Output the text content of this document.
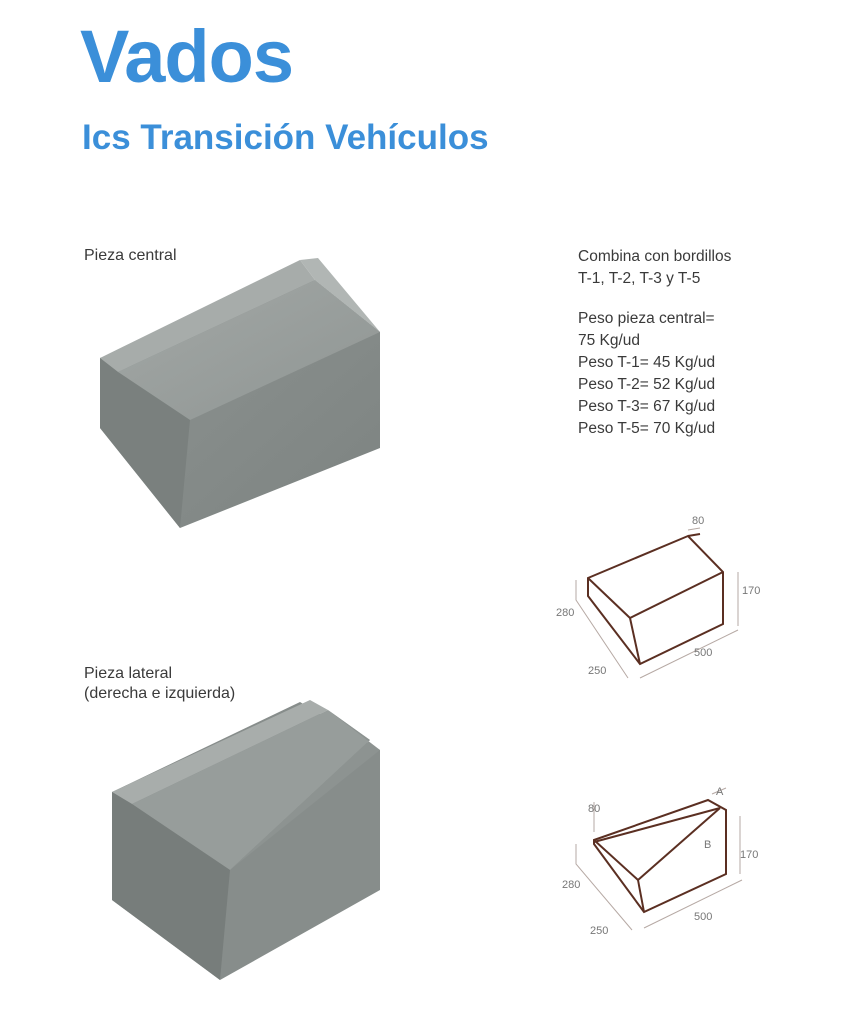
Vados
Ics Transición Vehículos
Pieza central
Pieza lateral
(derecha e izquierda)
Combina con bordillos
T-1, T-2, T-3 y T-5
Peso pieza central=
75 Kg/ud
Peso T-1= 45 Kg/ud
Peso T-2= 52 Kg/ud
Peso T-3= 67 Kg/ud
Peso T-5= 70 Kg/ud
80
170
280
250
500
80
A
B
170
280
250
500
